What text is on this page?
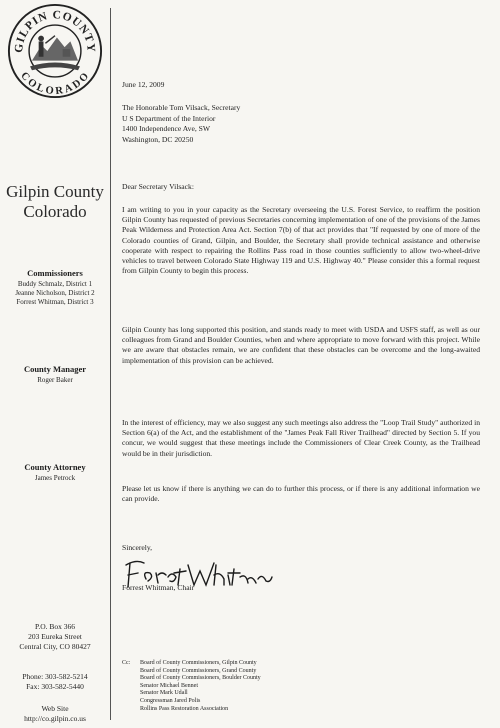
GILPIN COUNTY
COLORADO
Gilpin County
Colorado
Commissioners
Buddy Schmalz, District 1
Jeanne Nicholson, District 2
Forrest Whitman, District 3
County Manager
Roger Baker
County Attorney
James Petrock
P.O. Box 366
203 Eureka Street
Central City, CO 80427
Phone: 303-582-5214
Fax: 303-582-5440
Web Site
http://co.gilpin.co.us
June 12, 2009
The Honorable Tom Vilsack, Secretary
U S Department of the Interior
1400 Independence Ave, SW
Washington, DC 20250
Dear Secretary Vilsack:
I am writing to you in your capacity as the Secretary overseeing the U.S. Forest Service, to reaffirm the position Gilpin County has requested of previous Secretaries concerning implementation of one of the provisions of the James Peak Wilderness and Protection Area Act. Section 7(b) of that act provides that "If requested by one of more of the Colorado counties of Grand, Gilpin, and Boulder, the Secretary shall provide technical assistance and otherwise cooperate with respect to repairing the Rollins Pass road in those counties sufficiently to allow two-wheel-drive vehicles to travel between Colorado State Highway 119 and U.S. Highway 40." Please consider this a formal request from Gilpin County to begin this process.
Gilpin County has long supported this position, and stands ready to meet with USDA and USFS staff, as well as our colleagues from Grand and Boulder Counties, when and where appropriate to move forward with this project. While we are aware that obstacles remain, we are confident that these obstacles can be overcome and the long-awaited implementation of this provision can be achieved.
In the interest of efficiency, may we also suggest any such meetings also address the "Loop Trail Study" authorized in Section 6(a) of the Act, and the establishment of the "James Peak Fall River Trailhead" directed by Section 5. If you concur, we would suggest that these meetings include the Commissioners of Clear Creek County, as the Trailhead would be in their jurisdiction.
Please let us know if there is anything we can do to further this process, or if there is any additional information we can provide.
Sincerely,
Forrest Whitman, Chair
Cc: Board of County Commissioners, Gilpin County
Board of County Commissioners, Grand County
Board of County Commissioners, Boulder County
Senator Michael Bennet
Senator Mark Udall
Congressman Jared Polis
Rollins Pass Restoration Association
